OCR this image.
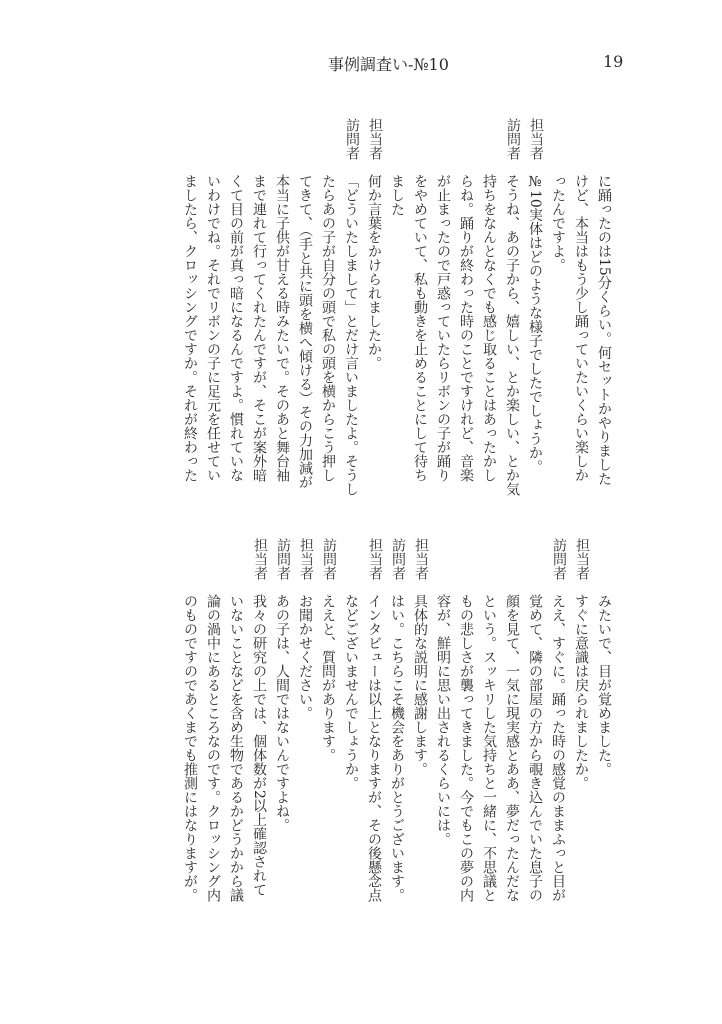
事例調査い-№10	19
に踊ったのは15分くらい。何セットかやりました
けど、本当はもう少し踊っていたいくらい楽しか
ったんですよ。
担当者№10実体はどのような様子でしたでしょうか。
訪問者そうね、あの子から、嬉しい、とか楽しい、とか気
持ちをなんとなくでも感じ取ることはあったかし
らね。踊りが終わった時のことですけれど、音楽
が止まったので戸惑っていたらリボンの子が踊り
をやめていて、私も動きを止めることにして待ち
ました
担当者何か言葉をかけられましたか。
訪問者「どういたしまして」とだけ言いましたよ。そうし
たらあの子が自分の頭で私の頭を横からこう押し
てきて、（手と共に頭を横へ傾ける）その力加減が
本当に子供が甘える時みたいで。そのあと舞台袖
まで連れて行ってくれたんですが、そこが案外暗
くて目の前が真っ暗になるんですよ。慣れていな
いわけでね。それでリボンの子に足元を任せてい
ましたら、クロッシングですか。それが終わった
みたいで、目が覚めました。
担当者すぐに意識は戻られましたか。
訪問者ええ、すぐに。踊った時の感覚のままふっと目が
覚めて、隣の部屋の方から覗き込んでいた息子の
顔を見て、一気に現実感とああ、夢だったんだな
という。スッキリした気持ちと一緒に、不思議と
もの悲しさが襲ってきました。今でもこの夢の内
容が、鮮明に思い出されるくらいには。
担当者具体的な説明に感謝します。
訪問者はい。こちらこそ機会をありがとうございます。
担当者インタビューは以上となりますが、その後懸念点
などございませんでしょうか。
訪問者ええと、質問があります。
担当者お聞かせください。
訪問者あの子は、人間ではないんですよね。
担当者我々の研究の上では、個体数が2以上確認されて
いないことなどを含め生物であるかどうかから議
論の渦中にあるところなのです。クロッシング内
のものですのであくまでも推測にはなりますが。
